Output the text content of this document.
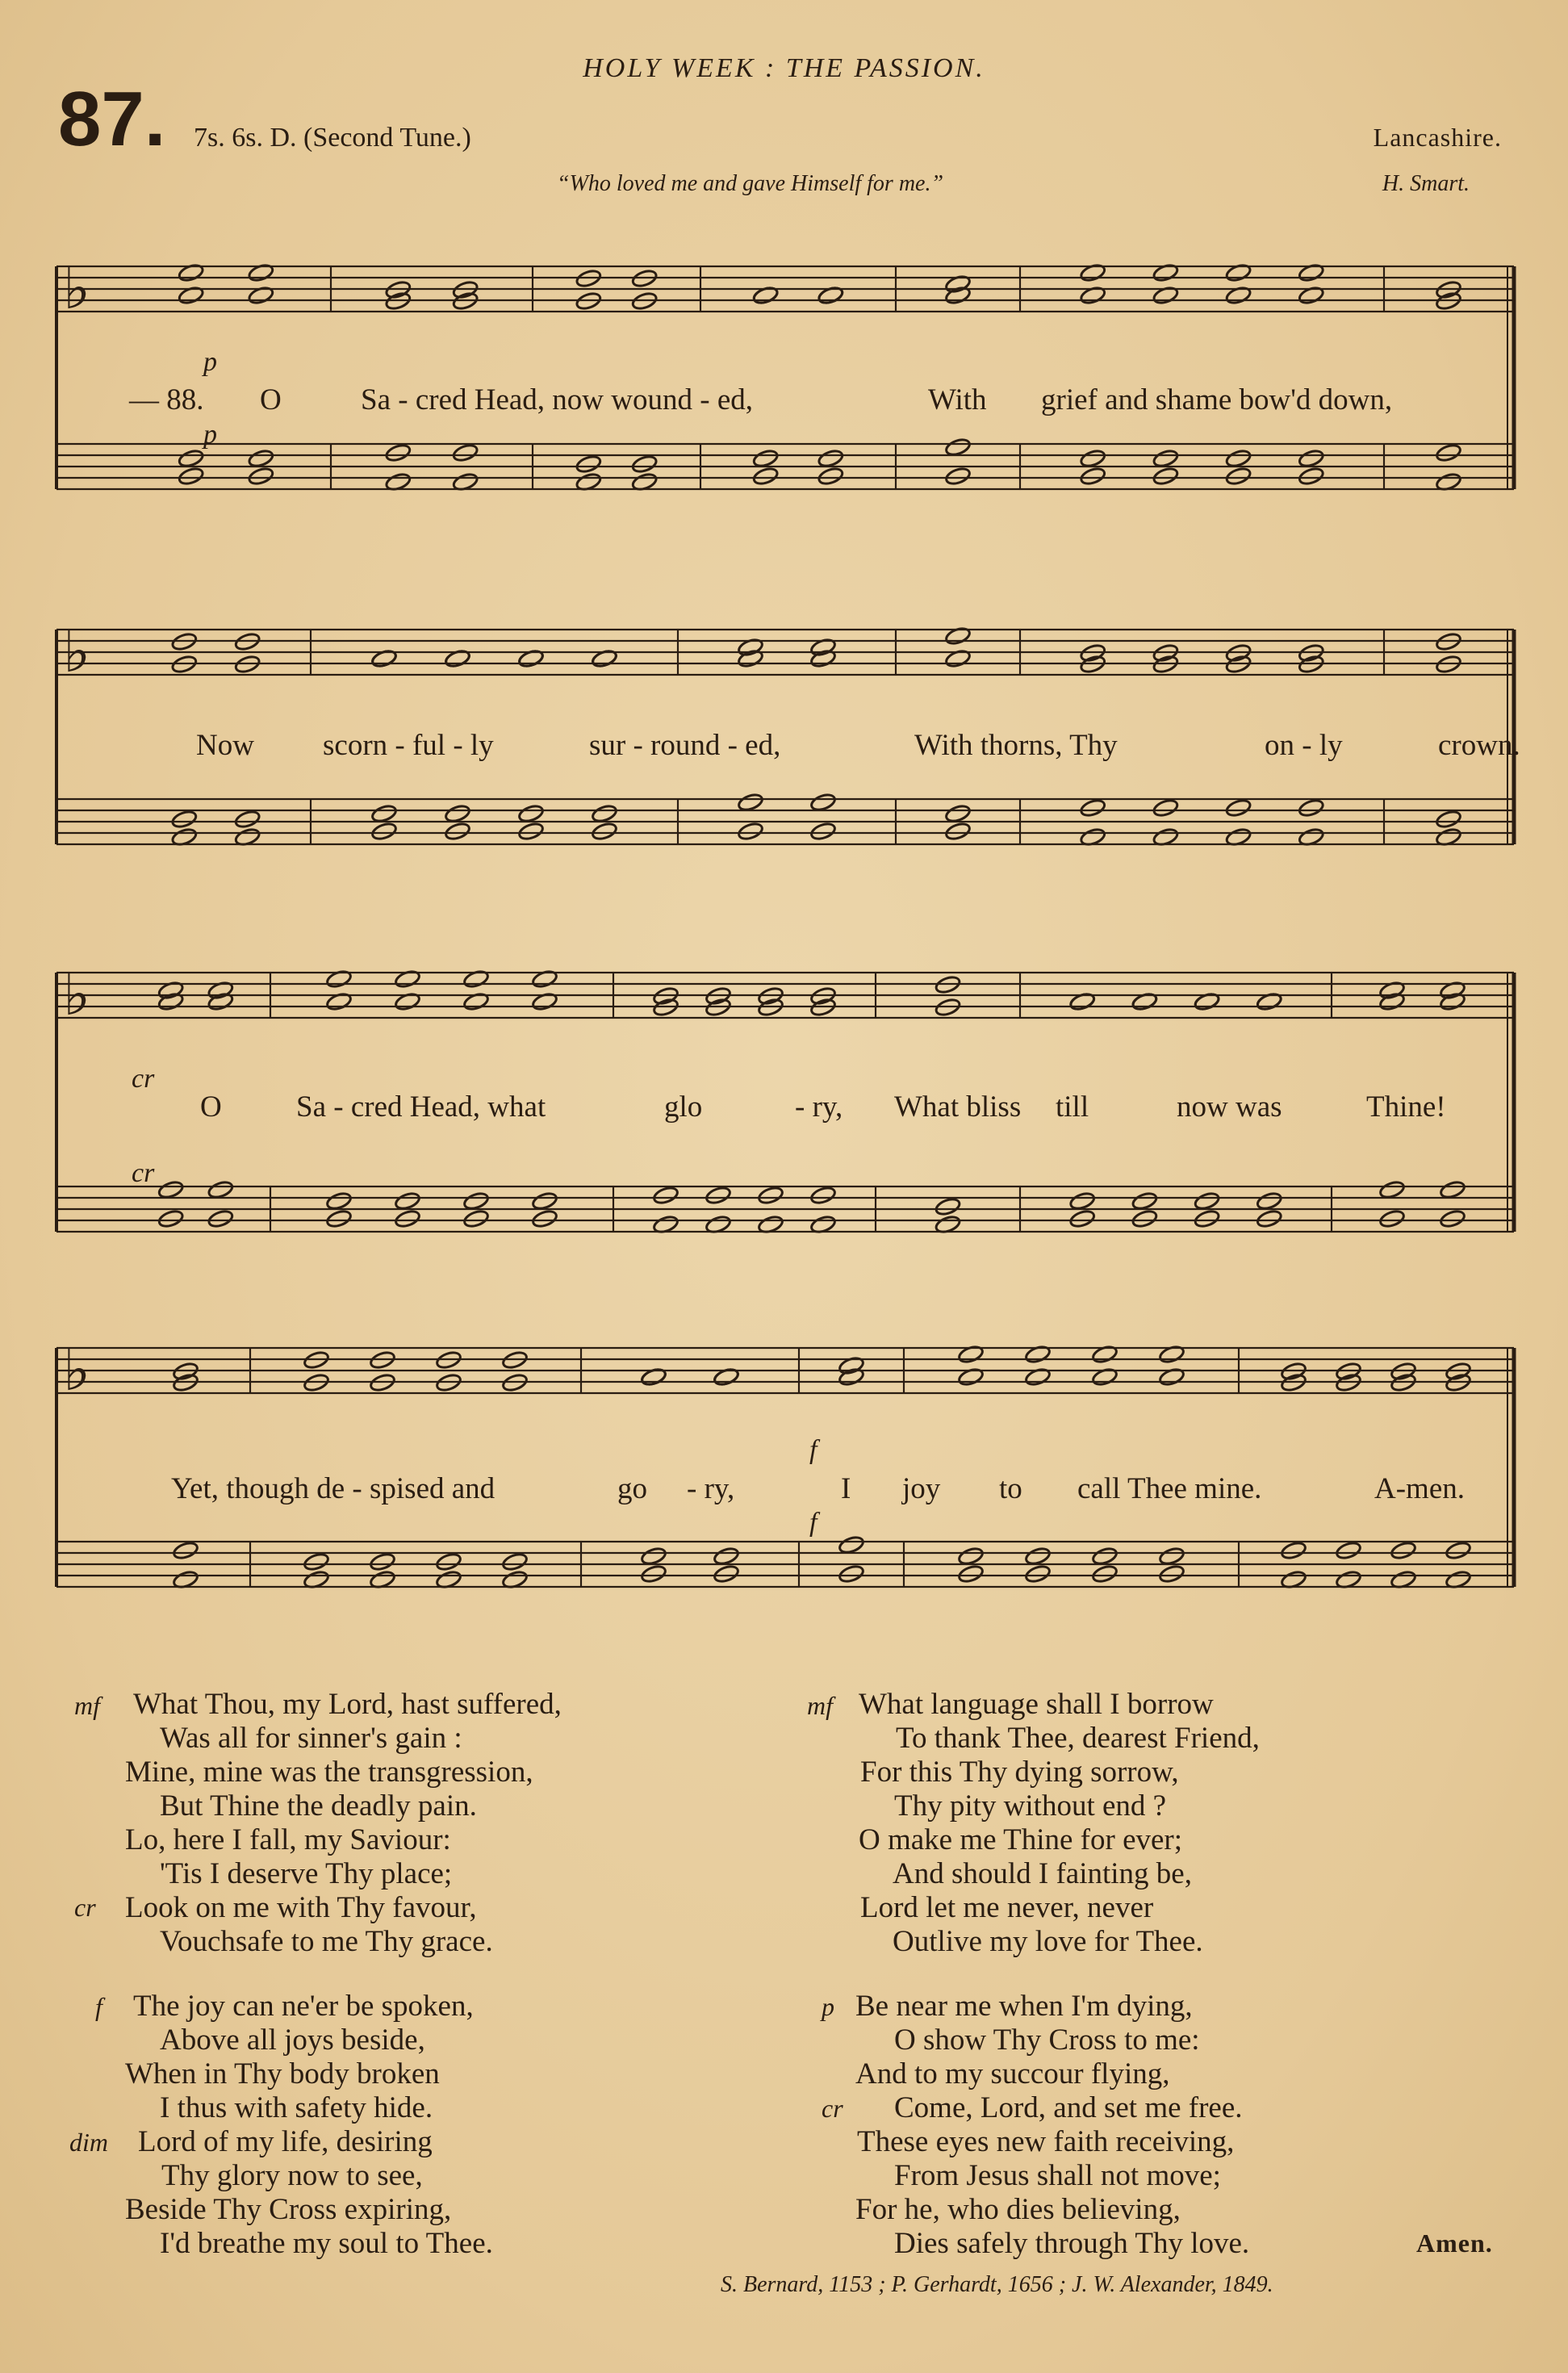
HOLY WEEK : THE PASSION.
87. 7s. 6s. D. (Second Tune.)	Lancashire.
“Who loved me and gave Himself for me.”	H. Smart.
♭
♭
♭
♭
p
p
cr
cr
f
f
— 88. O	Sa - cred Head, now wound - ed,	With grief and shame bow'd down,
Now scorn - ful - ly	sur - round - ed,	With thorns, Thy	on - ly	crown.
O Sa - cred Head, what	glo	- ry, What bliss till	now was	Thine!
Yet, though de - spised and	go - ry,	I joy to call Thee mine.	A-men.
mf What Thou, my Lord, hast suffered,
Was all for sinner's gain :
Mine, mine was the transgression,
But Thine the deadly pain.
Lo, here I fall, my Saviour:
'Tis I deserve Thy place;
cr Look on me with Thy favour,
Vouchsafe to me Thy grace.
f The joy can ne'er be spoken,
Above all joys beside,
When in Thy body broken
I thus with safety hide.
dim Lord of my life, desiring
Thy glory now to see,
Beside Thy Cross expiring,
I'd breathe my soul to Thee.
mf What language shall I borrow
To thank Thee, dearest Friend,
For this Thy dying sorrow,
Thy pity without end ?
O make me Thine for ever;
And should I fainting be,
Lord let me never, never
Outlive my love for Thee.
p Be near me when I'm dying,
O show Thy Cross to me:
And to my succour flying,
cr Come, Lord, and set me free.
These eyes new faith receiving,
From Jesus shall not move;
For he, who dies believing,
Dies safely through Thy love.	Amen.
S. Bernard, 1153 ; P. Gerhardt, 1656 ; J. W. Alexander, 1849.
